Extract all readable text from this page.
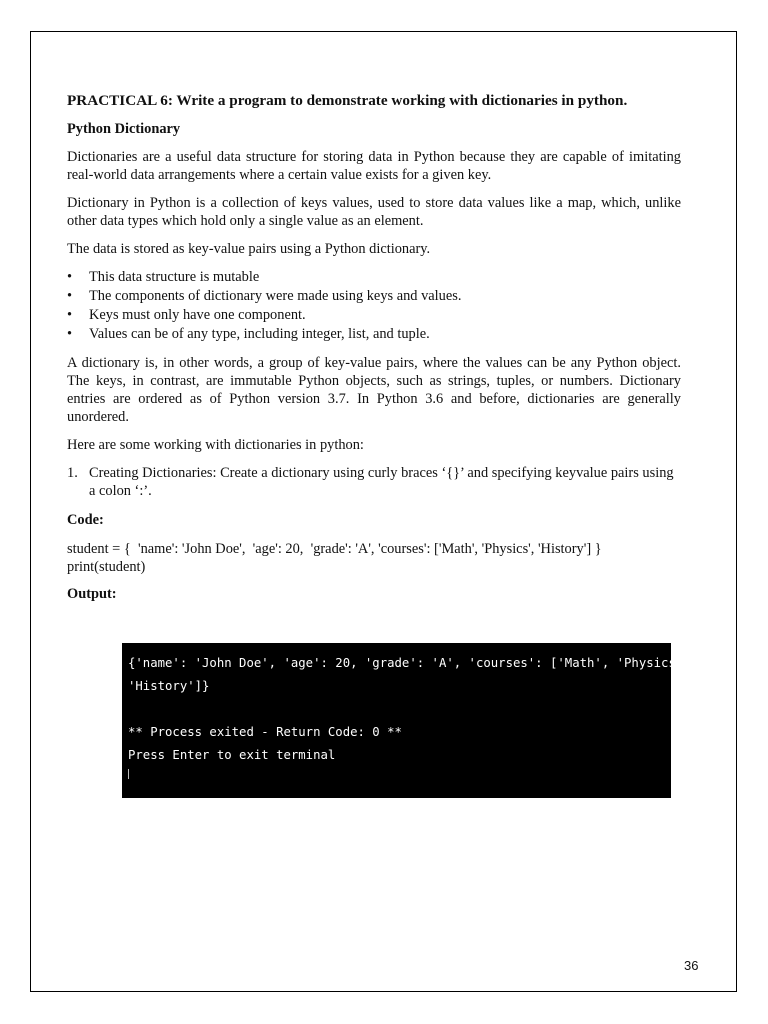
PRACTICAL 6: Write a program to demonstrate working with dictionaries in python.
Python Dictionary

Dictionaries are a useful data structure for storing data in Python because they are capable of imitating real-world data arrangements where a certain value exists for a given key.

Dictionary in Python is a collection of keys values, used to store data values like a map, which, unlike other data types which hold only a single value as an element.

The data is stored as key-value pairs using a Python dictionary.

• This data structure is mutable
• The components of dictionary were made using keys and values.
• Keys must only have one component.
• Values can be of any type, including integer, list, and tuple.

A dictionary is, in other words, a group of key-value pairs, where the values can be any Python object. The keys, in contrast, are immutable Python objects, such as strings, tuples, or numbers. Dictionary entries are ordered as of Python version 3.7. In Python 3.6 and before, dictionaries are generally unordered.

Here are some working with dictionaries in python:

1. Creating Dictionaries: Create a dictionary using curly braces ‘{}’ and specifying keyvalue pairs using a colon ‘:’.
Code:
student = {  'name': 'John Doe',  'age': 20,  'grade': 'A', 'courses': ['Math', 'Physics', 'History'] }
print(student)
Output:
{'name': 'John Doe', 'age': 20, 'grade': 'A', 'courses': ['Math', 'Physics',
'History']}
** Process exited - Return Code: 0 **
Press Enter to exit terminal
36
